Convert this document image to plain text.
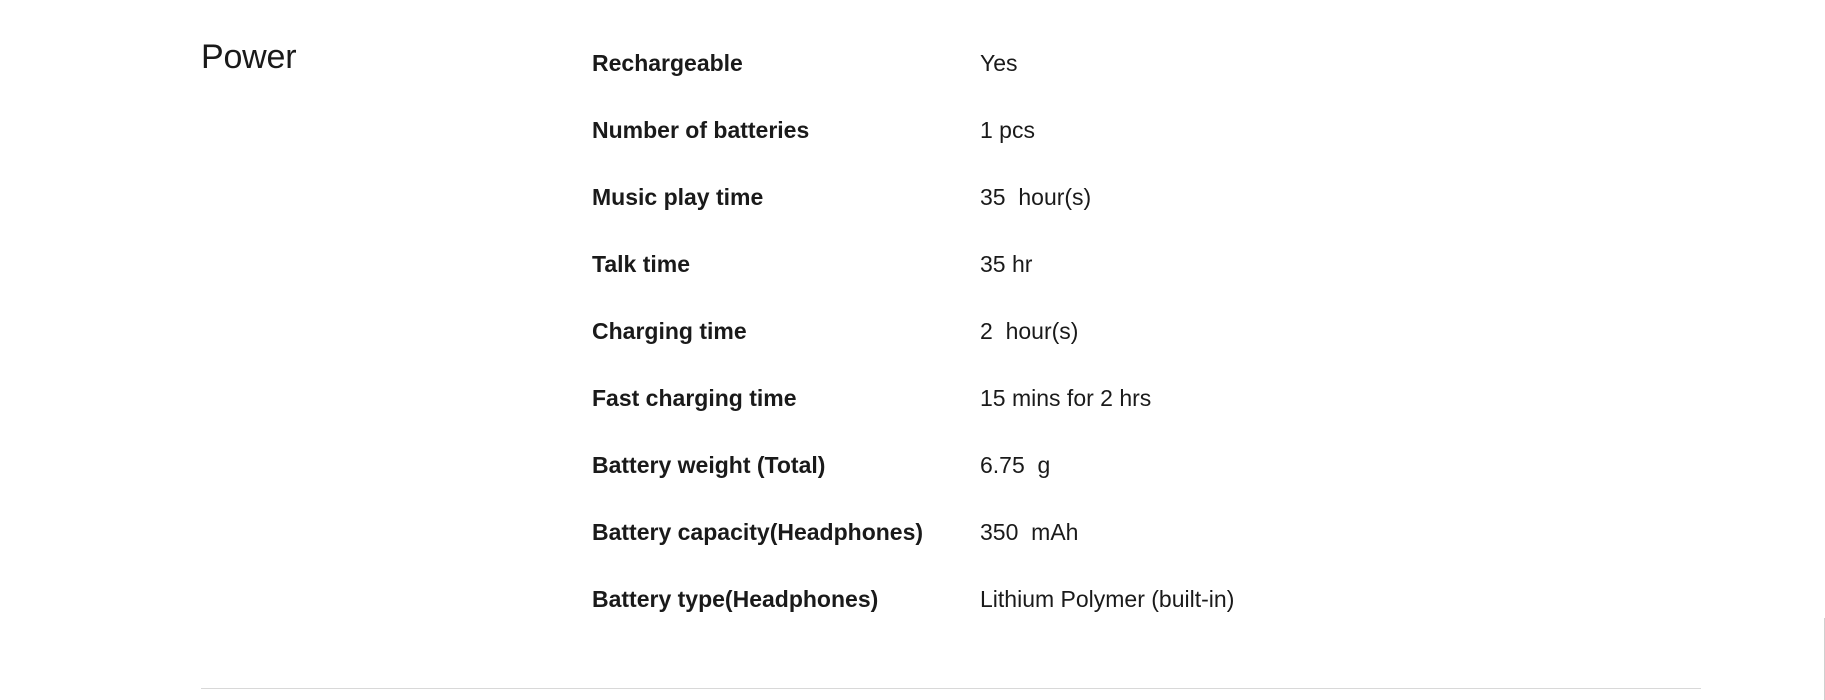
Power	Rechargeable	Yes
Number of batteries	1 pcs
Music play time	35  hour(s)
Talk time	35 hr
Charging time	2  hour(s)
Fast charging time	15 mins for 2 hrs
Battery weight (Total)	6.75  g
Battery capacity(Headphones) 350  mAh
Battery type(Headphones)	Lithium Polymer (built-in)
